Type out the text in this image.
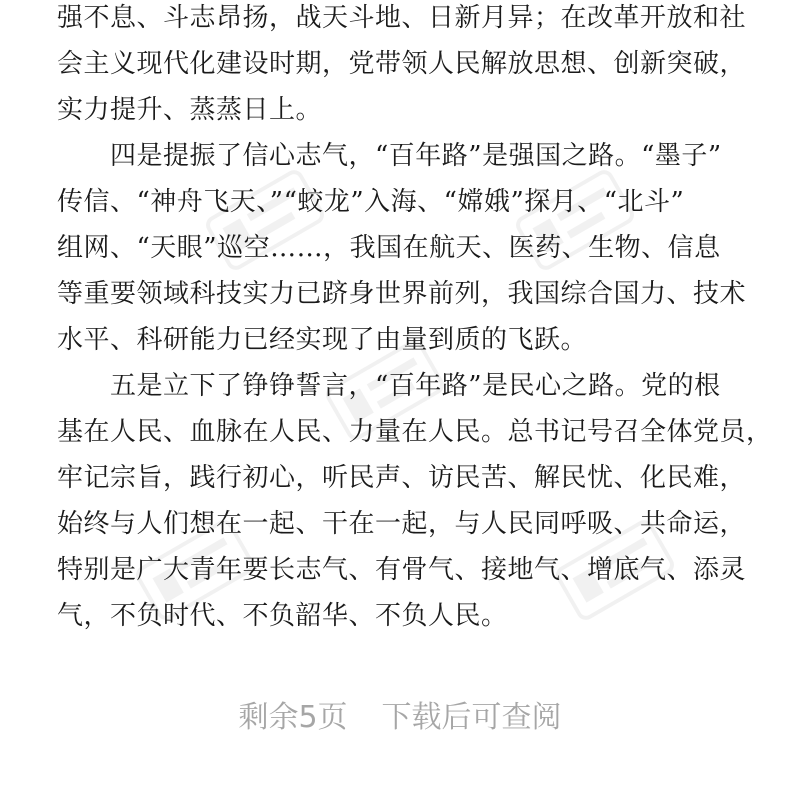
强不息、斗志昂扬，战天斗地、日新月异；在改革开放和社
会主义现代化建设时期，党带领人民解放思想、创新突破，
实力提升、蒸蒸日上。
四是提振了信心志气，“百年路”是强国之路。“墨子”
传信、“神舟飞天、”“蛟龙”入海、“嫦娥”探月、“北斗”
组网、“天眼”巡空……，我国在航天、医药、生物、信息
等重要领域科技实力已跻身世界前列，我国综合国力、技术
水平、科研能力已经实现了由量到质的飞跃。
五是立下了铮铮誓言，“百年路”是民心之路。党的根
基在人民、血脉在人民、力量在人民。总书记号召全体党员，
牢记宗旨，践行初心，听民声、访民苦、解民忧、化民难，
始终与人们想在一起、干在一起，与人民同呼吸、共命运，
特别是广大青年要长志气、有骨气、接地气、增底气、添灵
气，不负时代、不负韶华、不负人民。
剩余5页 下载后可查阅
